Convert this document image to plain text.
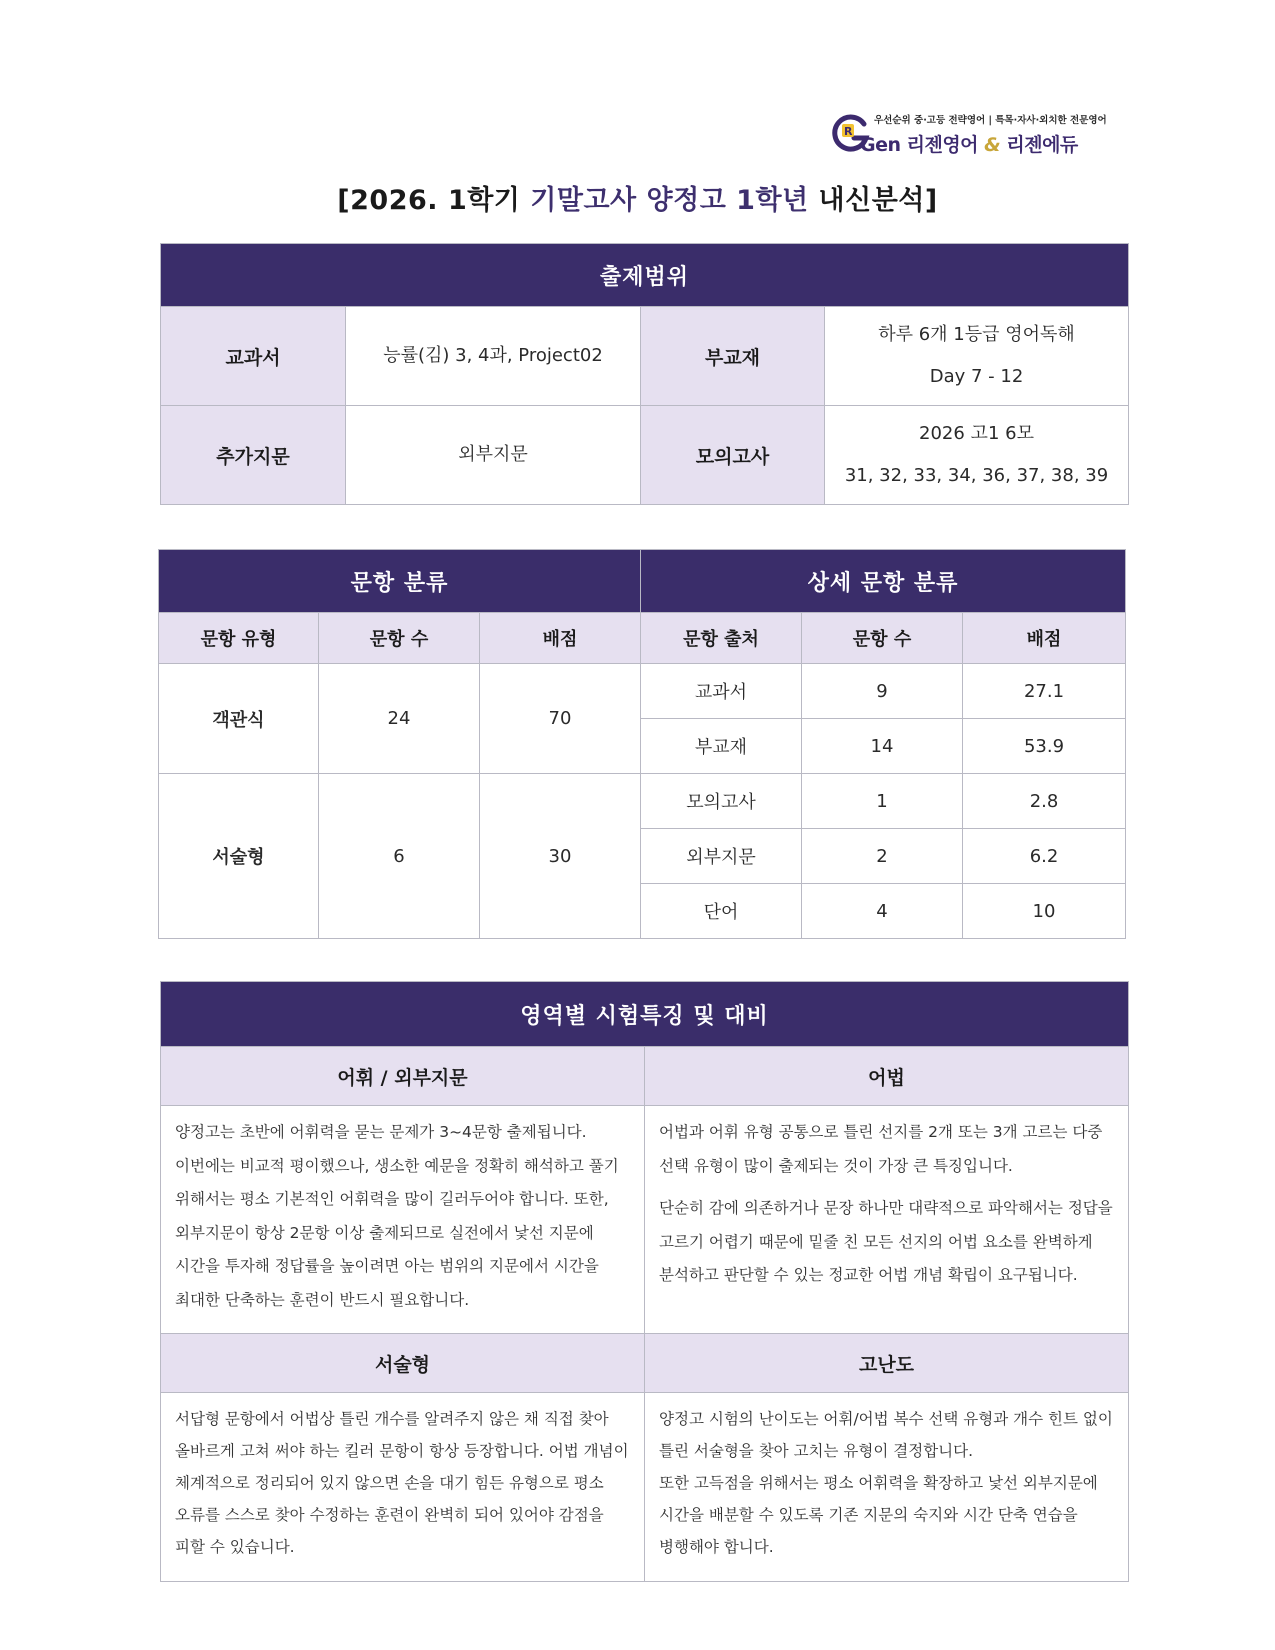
R
우선순위 중·고등 전략영어 | 특목·자사·외치한 전문영어
Gen 리젠영어 & 리젠에듀
[2026. 1학기 기말고사 양정고 1학년 내신분석]
출제범위			
교과서	능률(김) 3, 4과, Project02	부교재	하루 6개 1등급 영어독해
Day 7 - 12

추가지문	외부지문	모의고사	2026 고1 6모
31, 32, 33, 34, 36, 37, 38, 39
문항 분류			상세 문항 분류		
문항 유형	문항 수	배점	문항 출처	문항 수	배점
객관식	24	70	교과서	9	27.1
			부교재	14	53.9
서술형	6	30	모의고사	1	2.8
			외부지문	2	6.2
			단어	4	10
영역별 시험특징 및 대비	
어휘 / 외부지문	어법

양정고는 초반에 어휘력을 묻는 문제가 3~4문항 출제됩니다. 이번에는 비교적 평이했으나, 생소한 예문을 정확히 해석하고 풀기 위해서는 평소 기본적인 어휘력을 많이 길러두어야 합니다. 또한, 외부지문이 항상 2문항 이상 출제되므로 실전에서 낯선 지문에 시간을 투자해 정답률을 높이려면 아는 범위의 지문에서 시간을 최대한 단축하는 훈련이 반드시 필요합니다.	어법과 어휘 유형 공통으로 틀린 선지를 2개 또는 3개 고르는 다중 선택 유형이 많이 출제되는 것이 가장 큰 특징입니다.

단순히 감에 의존하거나 문장 하나만 대략적으로 파악해서는 정답을 고르기 어렵기 때문에 밑줄 친 모든 선지의 어법 요소를 완벽하게 분석하고 판단할 수 있는 정교한 어법 개념 확립이 요구됩니다.

서술형	고난도

서답형 문항에서 어법상 틀린 개수를 알려주지 않은 채 직접 찾아 올바르게 고쳐 써야 하는 킬러 문항이 항상 등장합니다. 어법 개념이 체계적으로 정리되어 있지 않으면 손을 대기 힘든 유형으로 평소 오류를 스스로 찾아 수정하는 훈련이 완벽히 되어 있어야 감점을 피할 수 있습니다.	양정고 시험의 난이도는 어휘/어법 복수 선택 유형과 개수 힌트 없이 틀린 서술형을 찾아 고치는 유형이 결정합니다.

또한 고득점을 위해서는 평소 어휘력을 확장하고 낯선 외부지문에 시간을 배분할 수 있도록 기존 지문의 숙지와 시간 단축 연습을 병행해야 합니다.
